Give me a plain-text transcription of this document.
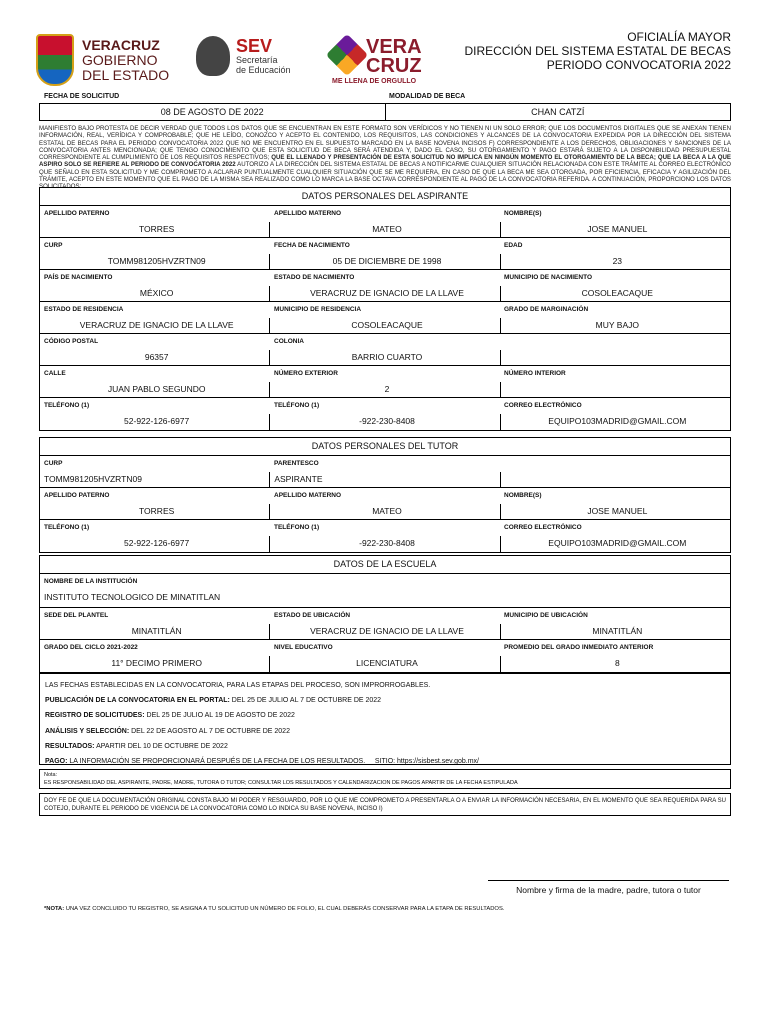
VERACRUZ
GOBIERNO
DEL ESTADO
SEV
Secretaría
de Educación
VERA
CRUZ
ME LLENA DE ORGULLO
OFICIALÍA MAYOR
DIRECCIÓN DEL SISTEMA ESTATAL DE BECAS
PERIODO CONVOCATORIA 2022
FECHA DE SOLICITUD	MODALIDAD DE BECA
08 DE AGOSTO DE 2022	CHAN CATZÍ
MANIFIESTO BAJO PROTESTA DE DECIR VERDAD QUE TODOS LOS DATOS QUE SE ENCUENTRAN EN ESTE FORMATO SON VERÍDICOS Y NO TIENEN NI UN SOLO ERROR; QUE LOS DOCUMENTOS DIGITALES QUE SE ANEXAN TIENEN INFORMACIÓN, REAL, VERÍDICA Y COMPROBABLE; QUE HE LEÍDO, CONOZCO Y ACEPTO EL CONTENIDO, LOS REQUISITOS, LAS CONDICIONES Y ALCANCES DE LA CONVOCATORIA EXPEDIDA POR LA DIRECCIÓN DEL SISTEMA ESTATAL DE BECAS PARA EL PERIODO CONVOCATORIA 2022 QUE NO ME ENCUENTRO EN EL SUPUESTO MARCADO EN LA BASE NOVENA INCISOS F) CORRESPONDIENTE A LOS DERECHOS, OBLIGACIONES Y SANCIONES DE LA CONVOCATORIA ANTES MENCIONADA; QUE TENGO CONOCIMIENTO QUE ESTA SOLICITUD DE BECA SERÁ ATENDIDA Y, DADO EL CASO, SU OTORGAMIENTO Y PAGO ESTARÁ SUJETO A LA DISPONIBILIDAD PRESUPUESTAL CORRESPONDIENTE AL CUMPLIMIENTO DE LOS REQUISITOS RESPECTIVOS; QUE EL LLENADO Y PRESENTACIÓN DE ESTA SOLICITUD NO IMPLICA EN NINGÚN MOMENTO EL OTORGAMIENTO DE LA BECA; QUE LA BECA A LA QUE ASPIRO SOLO SE REFIERE AL PERIODO DE CONVOCATORIA 2022 AUTORIZO A LA DIRECCIÓN DEL SISTEMA ESTATAL DE BECAS A NOTIFICARME CUALQUIER SITUACIÓN RELACIONADA CON ESTE TRÁMITE AL CORREO ELECTRÓNICO QUE SEÑALO EN ESTA SOLICITUD Y ME COMPROMETO A ACLARAR PUNTUALMENTE CUALQUIER SITUACIÓN QUE SE ME REQUIERA, EN CASO DE QUE LA BECA ME SEA OTORGADA, POR EFICIENCIA, EFICACIA Y AGILIZACIÓN DEL TRÁMITE, ACEPTO EN ESTE MOMENTO QUE EL PAGO DE LA MISMA SEA REALIZADO COMO LO MARCA LA BASE OCTAVA CORRESPONDIENTE AL PAGO DE LA CONVOCATORIA REFERIDA. A CONTINUACIÓN, PROPORCIONO LOS DATOS SOLICITADOS:
DATOS PERSONALES DEL ASPIRANTE
APELLIDO PATERNO	APELLIDO MATERNO	NOMBRE(S)
TORRES	MATEO	JOSE MANUEL
CURP	FECHA DE NACIMIENTO	EDAD
TOMM981205HVZRTN09	05 DE DICIEMBRE DE 1998	23
PAÍS DE NACIMIENTO	ESTADO DE NACIMIENTO	MUNICIPIO DE NACIMIENTO
MÉXICO	VERACRUZ DE IGNACIO DE LA LLAVE	COSOLEACAQUE
ESTADO DE RESIDENCIA	MUNICIPIO DE RESIDENCIA	GRADO DE MARGINACIÓN
VERACRUZ DE IGNACIO DE LA LLAVE	COSOLEACAQUE	MUY BAJO
CÓDIGO POSTAL	COLONIA
96357	BARRIO CUARTO
CALLE	NÚMERO EXTERIOR	NÚMERO INTERIOR
JUAN PABLO SEGUNDO	2
TELÉFONO (1)	TELÉFONO (1)	CORREO ELECTRÓNICO
52-922-126-6977	-922-230-8408	EQUIPO103MADRID@GMAIL.COM
DATOS PERSONALES DEL TUTOR
CURP	PARENTESCO
TOMM981205HVZRTN09	ASPIRANTE
APELLIDO PATERNO	APELLIDO MATERNO	NOMBRE(S)
TORRES	MATEO	JOSE MANUEL
TELÉFONO (1)	TELÉFONO (1)	CORREO ELECTRÓNICO
52-922-126-6977	-922-230-8408	EQUIPO103MADRID@GMAIL.COM
DATOS DE LA ESCUELA
NOMBRE DE LA INSTITUCIÓN
INSTITUTO TECNOLOGICO DE MINATITLAN
SEDE DEL PLANTEL	ESTADO DE UBICACIÓN	MUNICIPIO DE UBICACIÓN
MINATITLÁN	VERACRUZ DE IGNACIO DE LA LLAVE	MINATITLÁN
GRADO DEL CICLO 2021-2022	NIVEL EDUCATIVO	PROMEDIO DEL GRADO INMEDIATO ANTERIOR
11° DECIMO PRIMERO	LICENCIATURA	8
LAS FECHAS ESTABLECIDAS EN LA CONVOCATORIA, PARA LAS ETAPAS DEL PROCESO, SON IMPRORROGABLES.
PUBLICACIÓN DE LA CONVOCATORIA EN EL PORTAL: DEL 25 DE JULIO AL 7 DE OCTUBRE DE 2022
REGISTRO DE SOLICITUDES: DEL 25 DE JULIO AL 19 DE AGOSTO DE 2022
ANÁLISIS Y SELECCIÓN: DEL 22 DE AGOSTO AL 7 DE OCTUBRE DE 2022
RESULTADOS: APARTIR DEL 10 DE OCTUBRE DE 2022
PAGO: LA INFORMACIÓN SE PROPORCIONARÁ DESPUÉS DE LA FECHA DE LOS RESULTADOS.     SITIO: https://sisbest.sev.gob.mx/
Nota:
ES RESPONSABILIDAD DEL ASPIRANTE, PADRE, MADRE, TUTORA O TUTOR; CONSULTAR LOS RESULTADOS Y CALENDARIZACION DE PAGOS APARTIR DE LA FECHA ESTIPULADA
DOY FE DE QUE LA DOCUMENTACIÓN ORIGINAL CONSTA BAJO MI PODER Y RESGUARDO, POR LO QUE ME COMPROMETO A PRESENTARLA O A ENVIAR LA INFORMACIÓN NECESARIA, EN EL MOMENTO QUE SEA REQUERIDA PARA SU COTEJO, DURANTE EL PERIODO DE VIGENCIA DE LA CONVOCATORIA COMO LO INDICA SU BASE NOVENA, INCISO I)
Nombre y firma de la madre, padre, tutora o tutor
*NOTA: UNA VEZ CONCLUIDO TU REGISTRO, SE ASIGNA A TU SOLICITUD UN NÚMERO DE FOLIO, EL CUAL DEBERÁS CONSERVAR PARA LA ETAPA DE RESULTADOS.
